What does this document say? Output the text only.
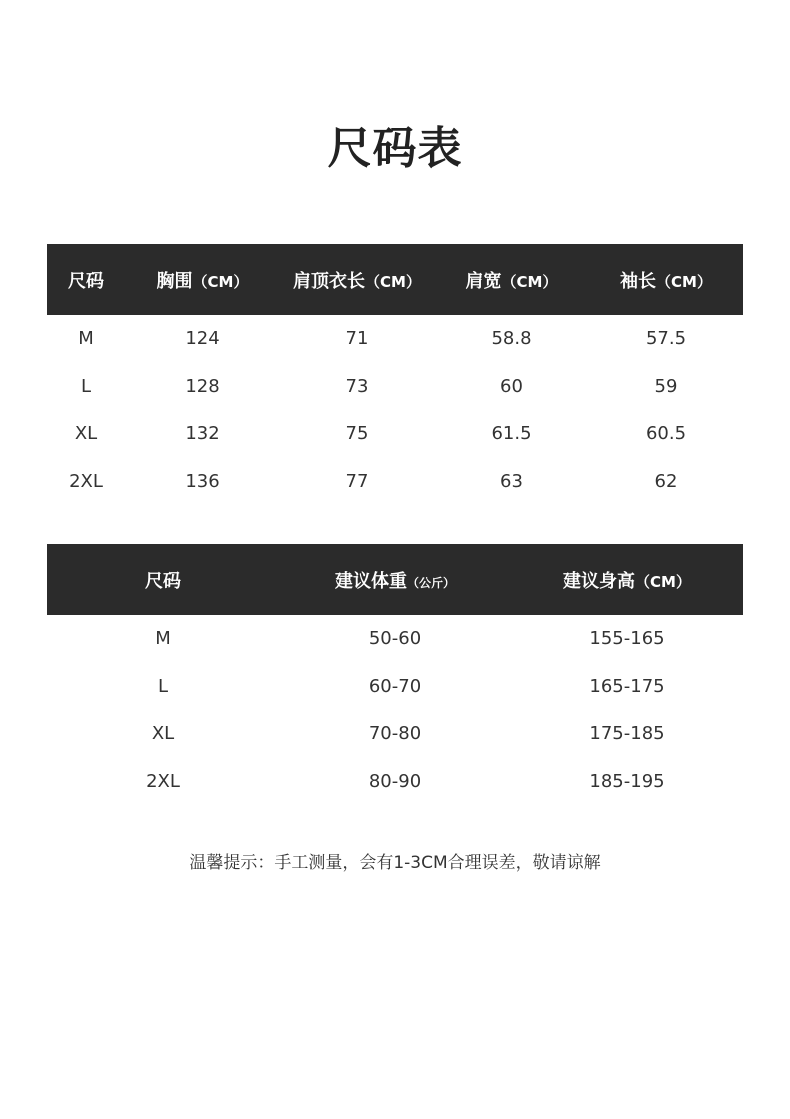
尺码表
尺码	胸围（CM）	肩顶衣长（CM）	肩宽（CM）	袖长（CM）
M	124	71	58.8	57.5
L	128	73	60	59
XL	132	75	61.5	60.5
2XL	136	77	63	62
尺码	建议体重（公斤）	建议身高（CM）
M	50-60	155-165
L	60-70	165-175
XL	70-80	175-185
2XL	80-90	185-195
温馨提示：手工测量，会有1-3CM合理误差，敬请谅解
